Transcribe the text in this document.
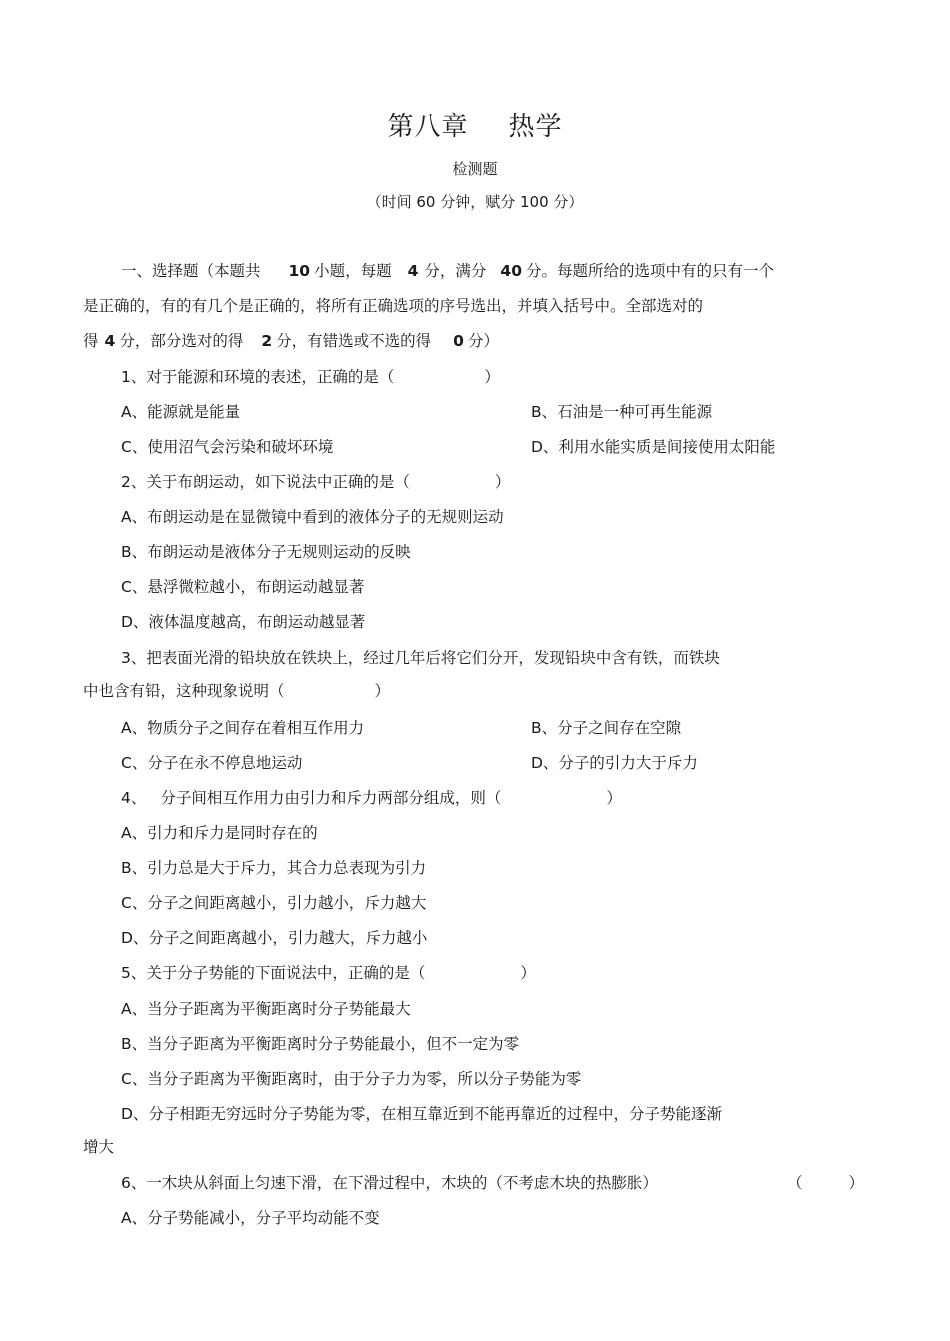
第八章 热学
检测题
（时间 60 分钟，赋分 100 分）
一、选择题（本题共 10 小题，每题 4 分，满分 40 分。每题所给的选项中有的只有一个
是正确的，有的有几个是正确的，将所有正确选项的序号选出，并填入括号中。全部选对的
得 4 分，部分选对的得 2 分，有错选或不选的得 0 分）
1、对于能源和环境的表述，正确的是（	）
A、能源就是能量	B、石油是一种可再生能源
C、使用沼气会污染和破坏环境	D、利用水能实质是间接使用太阳能
2、关于布朗运动，如下说法中正确的是（	）
A、布朗运动是在显微镜中看到的液体分子的无规则运动
B、布朗运动是液体分子无规则运动的反映
C、悬浮微粒越小，布朗运动越显著
D、液体温度越高，布朗运动越显著
3、把表面光滑的铅块放在铁块上，经过几年后将它们分开，发现铅块中含有铁，而铁块
中也含有铅，这种现象说明（	）
A、物质分子之间存在着相互作用力	B、分子之间存在空隙
C、分子在永不停息地运动	D、分子的引力大于斥力
4、 分子间相互作用力由引力和斥力两部分组成，则（	）
A、引力和斥力是同时存在的
B、引力总是大于斥力，其合力总表现为引力
C、分子之间距离越小，引力越小，斥力越大
D、分子之间距离越小，引力越大，斥力越小
5、关于分子势能的下面说法中，正确的是（	）
A、当分子距离为平衡距离时分子势能最大
B、当分子距离为平衡距离时分子势能最小，但不一定为零
C、当分子距离为平衡距离时，由于分子力为零，所以分子势能为零
D、分子相距无穷远时分子势能为零，在相互靠近到不能再靠近的过程中，分子势能逐渐
增大
6、一木块从斜面上匀速下滑，在下滑过程中，木块的（不考虑木块的热膨胀）	（	）
A、分子势能减小，分子平均动能不变
